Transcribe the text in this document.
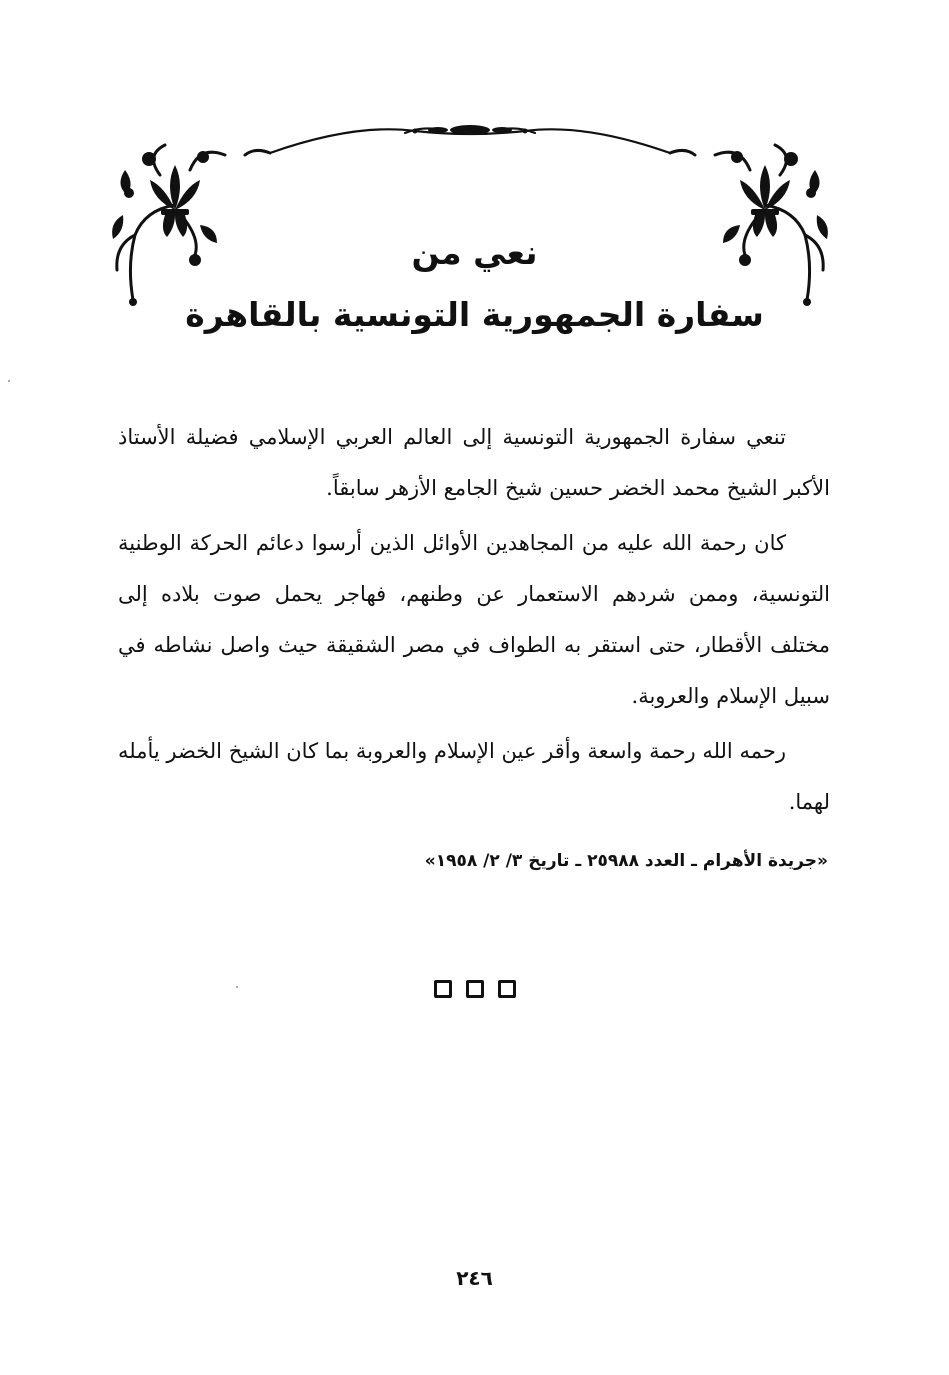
نعي من

سفارة الجمهورية التونسية بالقاهرة

تنعي سفارة الجمهورية التونسية إلى العالم العربي الإسلامي فضيلة الأستاذ الأكبر الشيخ محمد الخضر حسين شيخ الجامع الأزهر سابقاً.

كان رحمة الله عليه من المجاهدين الأوائل الذين أرسوا دعائم الحركة الوطنية التونسية، وممن شردهم الاستعمار عن وطنهم، فهاجر يحمل صوت بلاده إلى مختلف الأقطار، حتى استقر به الطواف في مصر الشقيقة حيث واصل نشاطه في سبيل الإسلام والعروبة.

رحمه الله رحمة واسعة وأقر عين الإسلام والعروبة بما كان الشيخ الخضر يأمله لهما.

«جريدة الأهرام ـ العدد ٢٥٩٨٨ ـ تاريخ ٣/ ٢/ ١٩٥٨»
٢٤٦
